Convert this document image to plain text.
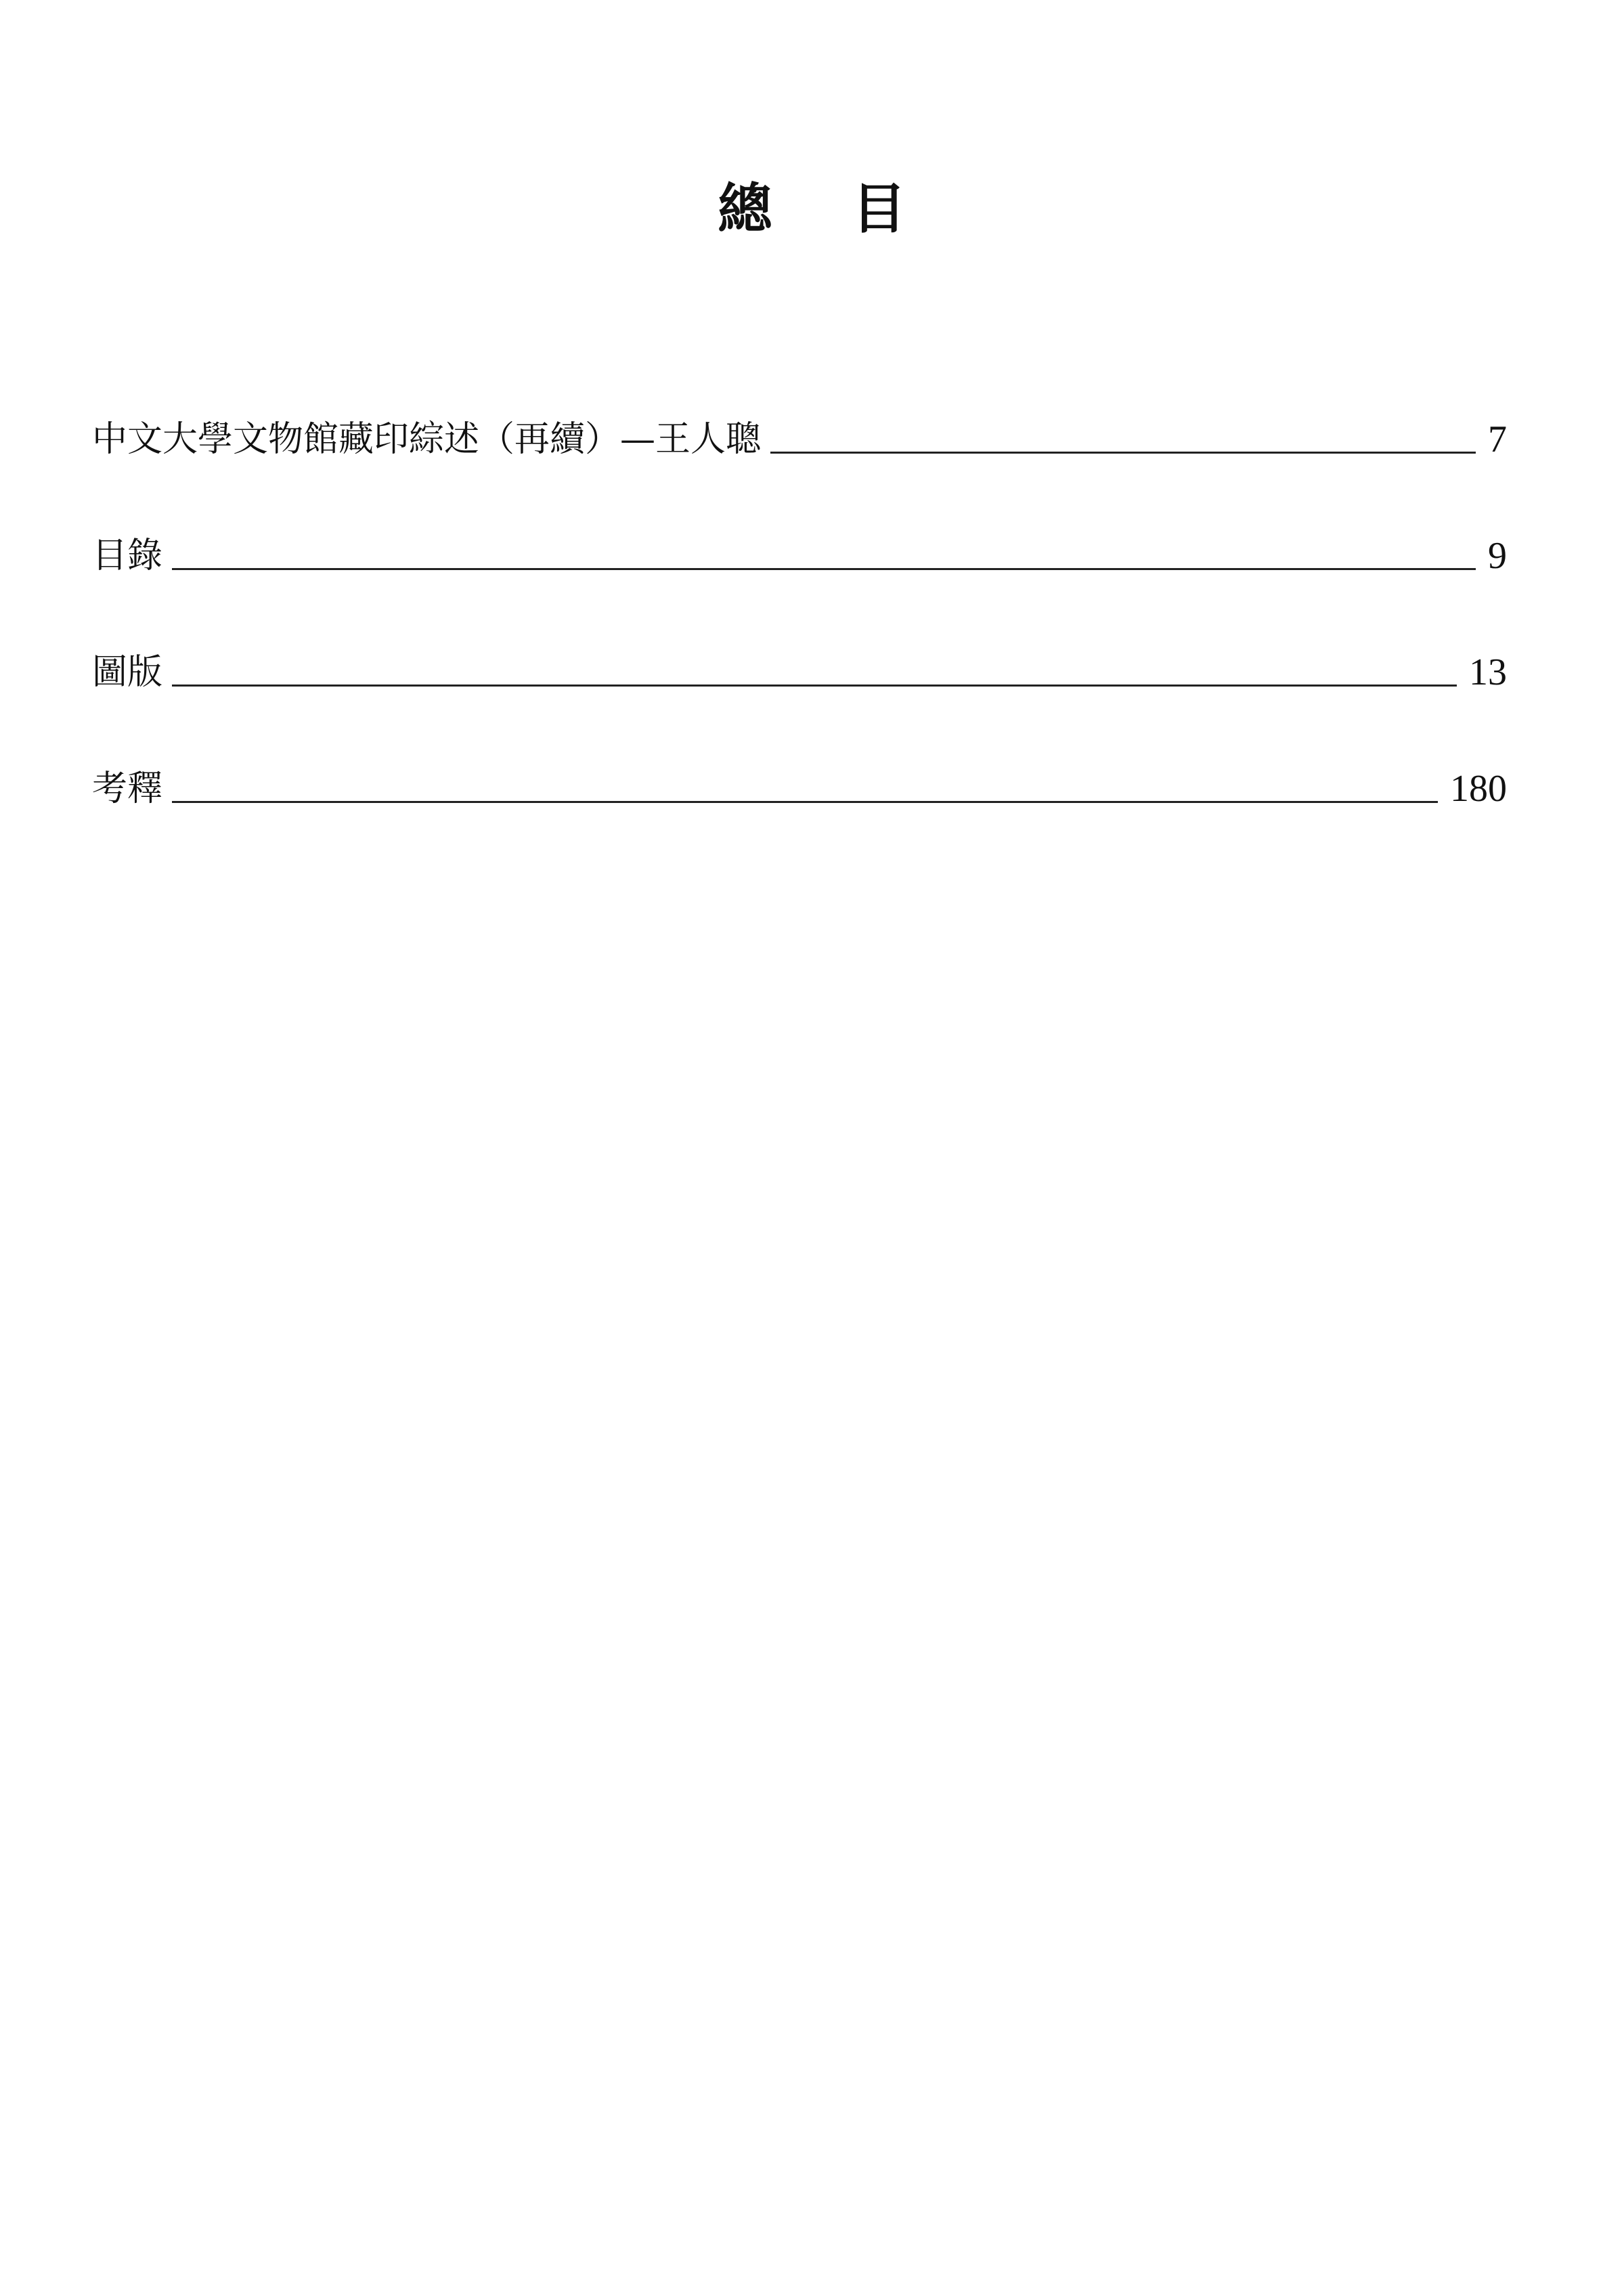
總 目
中文大學文物館藏印綜述（再續）—王人聰	7
目錄	9
圖版	13
考釋	180
